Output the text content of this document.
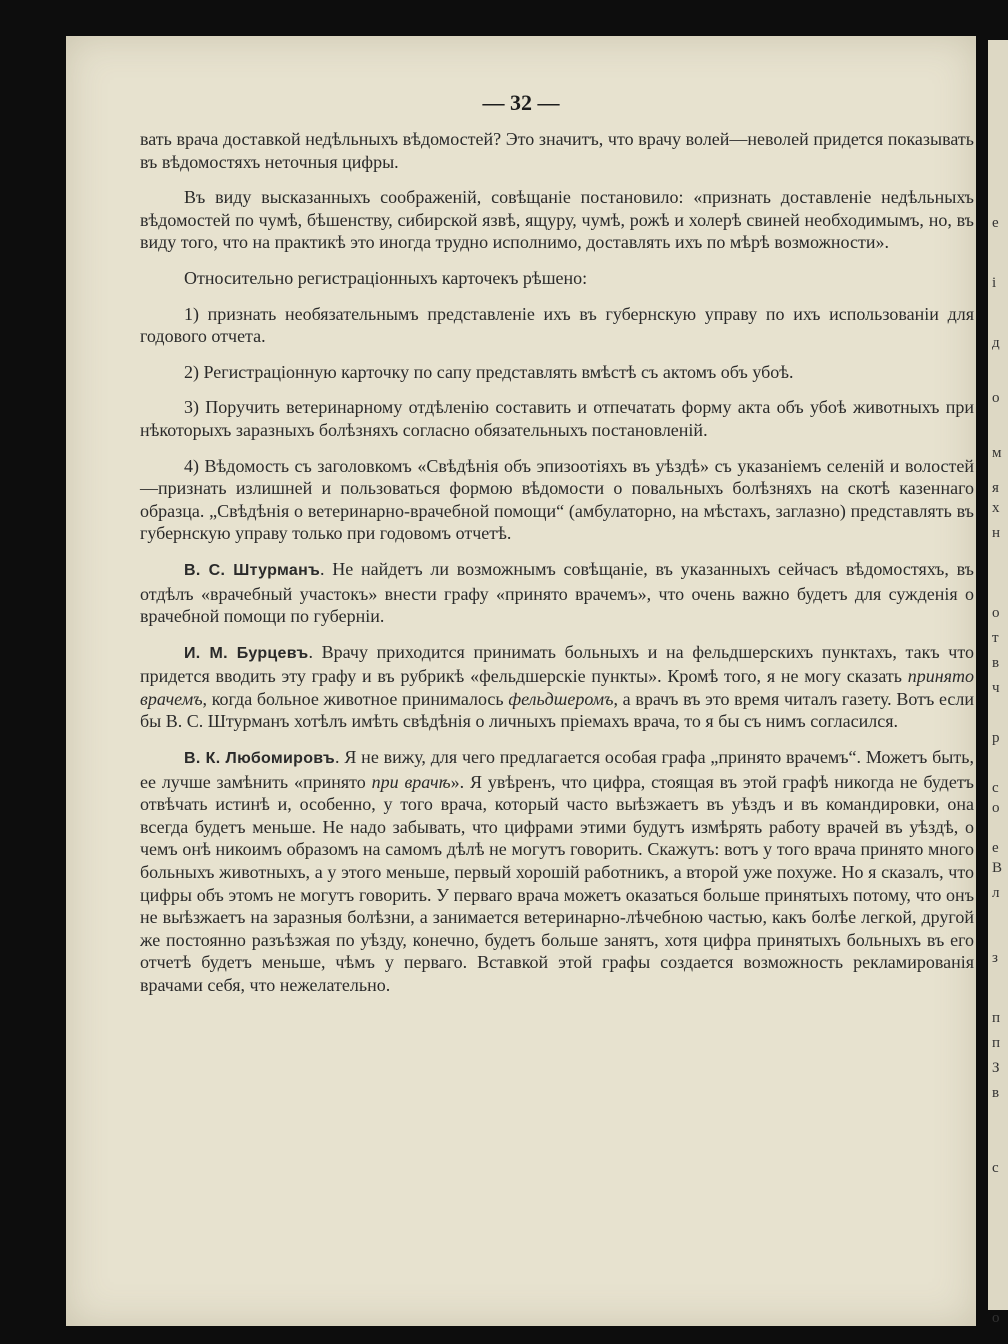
— 32 —

вать врача доставкой недѣльныхъ вѣдомостей? Это значитъ, что врачу волей—неволей придется показывать въ вѣдомостяхъ неточныя цифры.

Въ виду высказанныхъ соображеній, совѣщаніе постановило: «признать доставленіе недѣльныхъ вѣдомостей по чумѣ, бѣшенству, сибирской язвѣ, ящуру, чумѣ, рожѣ и холерѣ свиней необходимымъ, но, въ виду того, что на практикѣ это иногда трудно исполнимо, доставлять ихъ по мѣрѣ возможности».

Относительно регистраціонныхъ карточекъ рѣшено:

1) признать необязательнымъ представленіе ихъ въ губернскую управу по ихъ использованіи для годового отчета.

2) Регистраціонную карточку по сапу представлять вмѣстѣ съ актомъ объ убоѣ.

3) Поручить ветеринарному отдѣленію составить и отпечатать форму акта объ убоѣ животныхъ при нѣкоторыхъ заразныхъ болѣзняхъ согласно обязательныхъ постановленій.

4) Вѣдомость съ заголовкомъ «Свѣдѣнія объ эпизоотіяхъ въ уѣздѣ» съ указаніемъ селеній и волостей—признать излишней и пользоваться формою вѣдомости о повальныхъ болѣзняхъ на скотѣ казеннаго образца. „Свѣдѣнія о ветеринарно-врачебной помощи“ (амбулаторно, на мѣстахъ, заглазно) представлять въ губернскую управу только при годовомъ отчетѣ.

В. С. Штурманъ. Не найдетъ ли возможнымъ совѣщаніе, въ указанныхъ сейчасъ вѣдомостяхъ, въ отдѣлъ «врачебный участокъ» внести графу «принято врачемъ», что очень важно будетъ для сужденія о врачебной помощи по губерніи.

И. М. Бурцевъ. Врачу приходится принимать больныхъ и на фельдшерскихъ пунктахъ, такъ что придется вводить эту графу и въ рубрикѣ «фельдшерскіе пункты». Кромѣ того, я не могу сказать принято врачемъ, когда больное животное принималось фельдшеромъ, а врачъ въ это время читалъ газету. Вотъ если бы В. С. Штурманъ хотѣлъ имѣть свѣдѣнія о личныхъ пріемахъ врача, то я бы съ нимъ согласился.

В. К. Любомировъ. Я не вижу, для чего предлагается особая графа „принято врачемъ“. Можетъ быть, ее лучше замѣнить «принято при врачѣ». Я увѣренъ, что цифра, стоящая въ этой графѣ никогда не будетъ отвѣчать истинѣ и, особенно, у того врача, который часто выѣзжаетъ въ уѣздъ и въ командировки, она всегда будетъ меньше. Не надо забывать, что цифрами этими будутъ измѣрять работу врачей въ уѣздѣ, о чемъ онѣ никоимъ образомъ на самомъ дѣлѣ не могутъ говорить. Скажутъ: вотъ у того врача принято много больныхъ животныхъ, а у этого меньше, первый хорошій работникъ, а второй уже похуже. Но я сказалъ, что цифры объ этомъ не могутъ говорить. У перваго врача можетъ оказаться больше принятыхъ потому, что онъ не выѣзжаетъ на заразныя болѣзни, а занимается ветеринарно-лѣчебною частью, какъ болѣе легкой, другой же постоянно разъѣзжая по уѣзду, конечно, будетъ больше занятъ, хотя цифра принятыхъ больныхъ въ его отчетѣ будетъ меньше, чѣмъ у перваго. Вставкой этой графы создается возможность рекламированія врачами себя, что нежелательно.

е
і
д
о
м
я
х
н
о
т
в
ч
р
с
о
е
В
л
з
п
п
З
в
с
о
